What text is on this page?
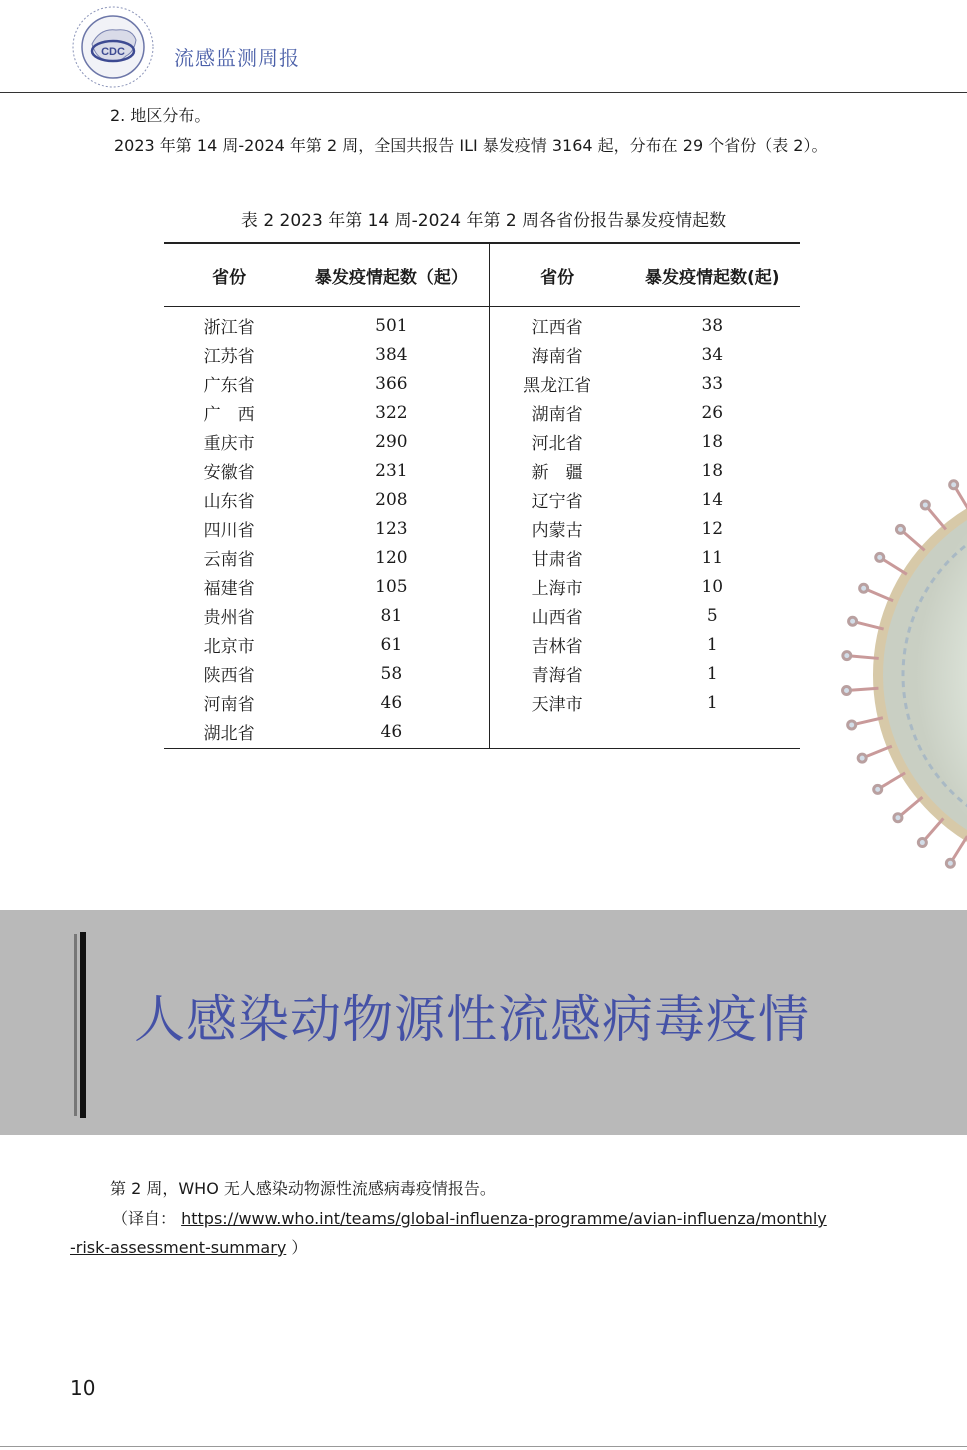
CDC 流感监测周报
2. 地区分布。
2023 年第 14 周-2024 年第 2 周，全国共报告 ILI 暴发疫情 3164 起，分布在 29 个省份（表 2）。
表 2 2023 年第 14 周-2024 年第 2 周各省份报告暴发疫情起数
省份	暴发疫情起数（起）	省份	暴发疫情起数(起)
浙江省	501	江西省	38
江苏省	384	海南省	34
广东省	366	黑龙江省	33
广　西	322	湖南省	26
重庆市	290	河北省	18
安徽省	231	新　疆	18
山东省	208	辽宁省	14
四川省	123	内蒙古	12
云南省	120	甘肃省	11
福建省	105	上海市	10
贵州省	81	山西省	5
北京市	61	吉林省	1
陕西省	58	青海省	1
河南省	46	天津市	1
湖北省	46		
人感染动物源性流感病毒疫情
第 2 周，WHO 无人感染动物源性流感病毒疫情报告。
（译自： https://www.who.int/teams/global-influenza-programme/avian-influenza/monthly
-risk-assessment-summary ）
10
